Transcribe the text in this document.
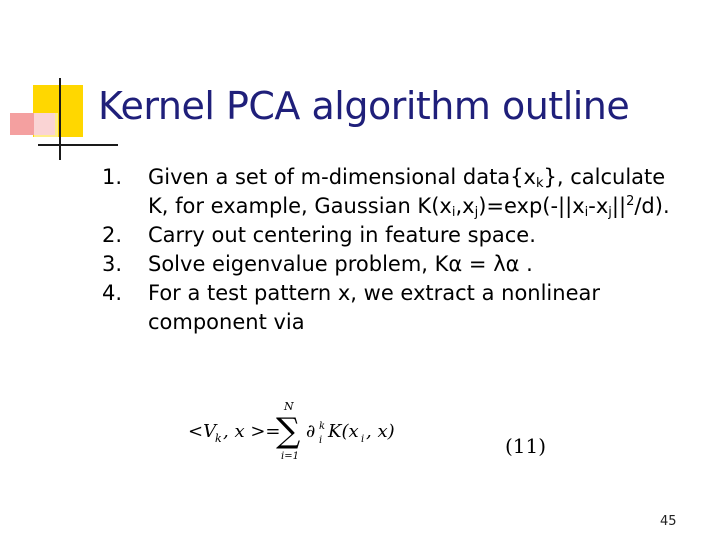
Kernel PCA algorithm outline
1. Given a set of m-dimensional $data\{x_k\}$, calculate
K, for example, Gaussian $K(x_i,x_j)=\exp(-||x_i-x_j||^2/d)$.
2. Carry out centering in feature space.
3. Solve eigenvalue problem, Kα = λα .
4. For a test pattern x, we extract a nonlinear
component via
<V
k , x >=
N
∑
i=1
∂ k
i K(x i , x)
(11)
45
